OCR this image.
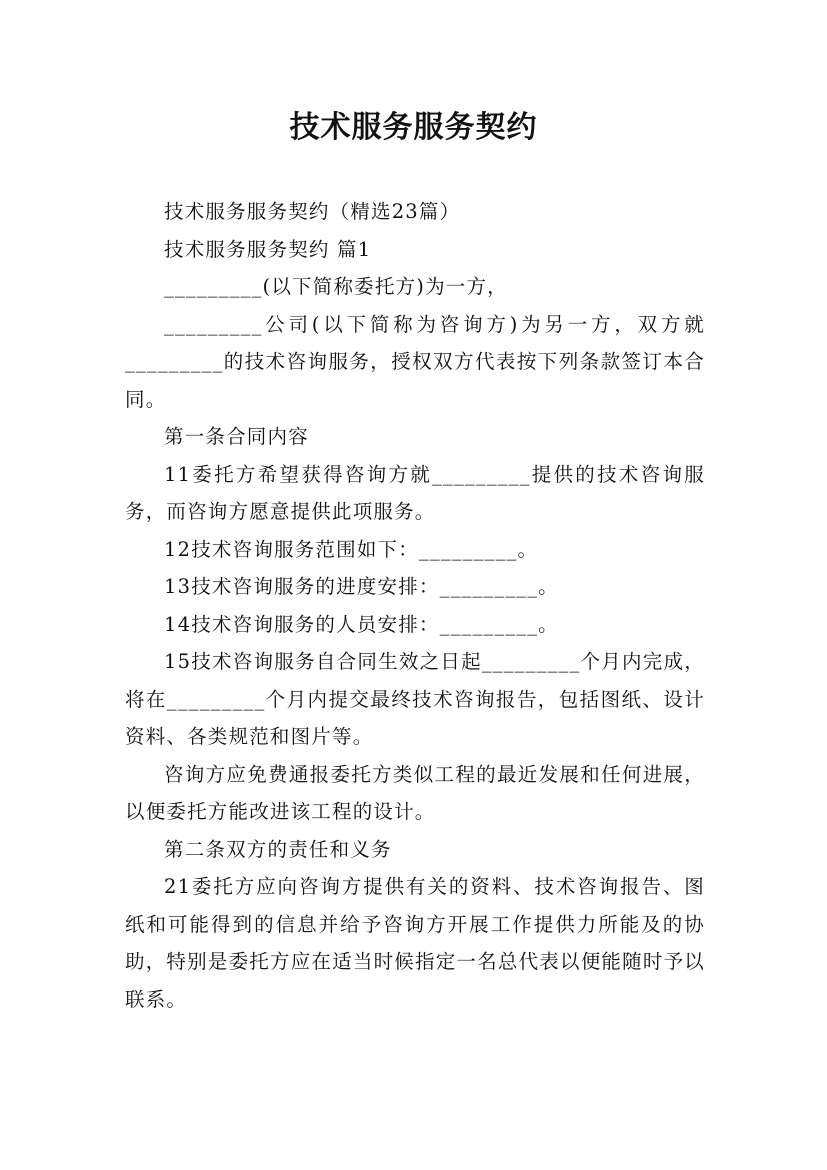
技术服务服务契约

技术服务服务契约（精选23篇）

技术服务服务契约 篇1

_________(以下简称委托方)为一方，

_________公司(以下简称为咨询方)为另一方，双方就_________的技术咨询服务，授权双方代表按下列条款签订本合同。

第一条合同内容

11委托方希望获得咨询方就_________提供的技术咨询服务，而咨询方愿意提供此项服务。

12技术咨询服务范围如下：_________。

13技术咨询服务的进度安排：_________。

14技术咨询服务的人员安排：_________。

15技术咨询服务自合同生效之日起_________个月内完成，将在_________个月内提交最终技术咨询报告，包括图纸、设计资料、各类规范和图片等。

咨询方应免费通报委托方类似工程的最近发展和任何进展，以便委托方能改进该工程的设计。

第二条双方的责任和义务

21委托方应向咨询方提供有关的资料、技术咨询报告、图纸和可能得到的信息并给予咨询方开展工作提供力所能及的协助，特别是委托方应在适当时候指定一名总代表以便能随时予以联系。
